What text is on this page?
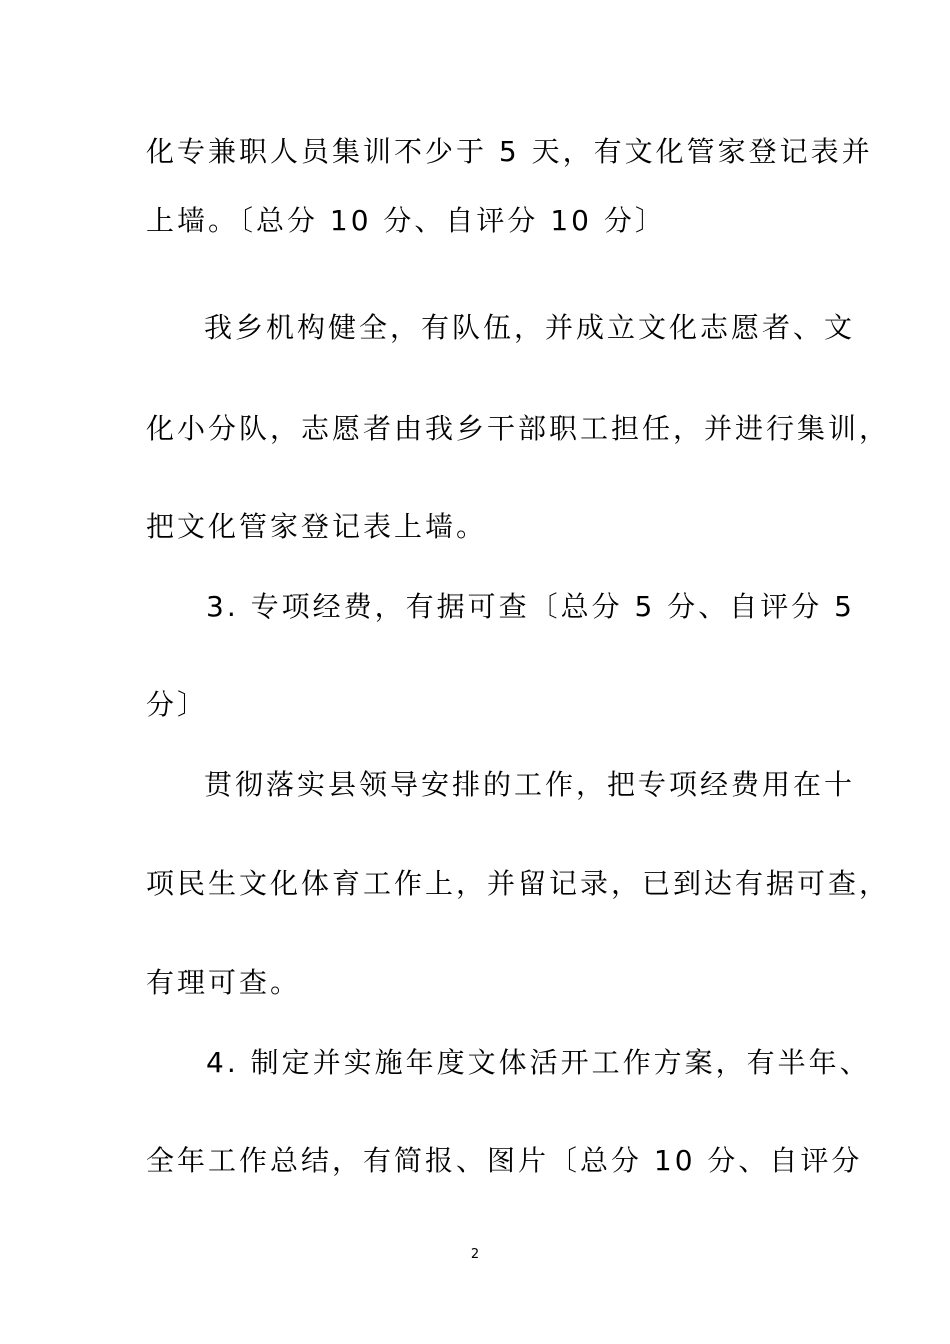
化专兼职人员集训不少于 5 天，有文化管家登记表并
上墙。〔总分 10 分、自评分 10 分〕
我乡机构健全，有队伍，并成立文化志愿者、文
化小分队，志愿者由我乡干部职工担任，并进行集训，
把文化管家登记表上墙。
3. 专项经费，有据可查〔总分 5 分、自评分 5
分〕
贯彻落实县领导安排的工作，把专项经费用在十
项民生文化体育工作上，并留记录，已到达有据可查，
有理可查。
4. 制定并实施年度文体活开工作方案，有半年、
全年工作总结，有简报、图片〔总分 10 分、自评分
2
